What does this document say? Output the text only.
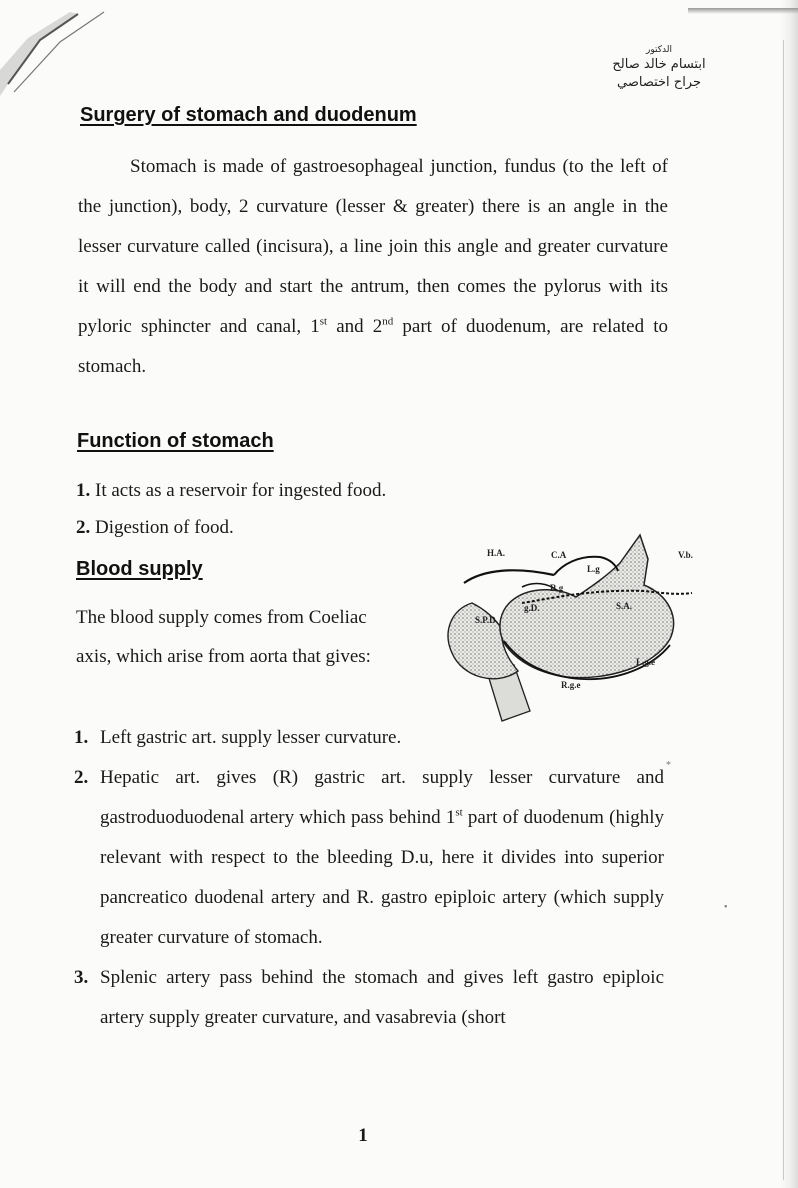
الدكتور
ابتسام خالد صالح
جراح اختصاصي
Surgery of stomach and duodenum
Stomach is made of gastroesophageal junction, fundus (to the left of the junction), body, 2 curvature (lesser & greater) there is an angle in the lesser curvature called (incisura), a line join this angle and greater curvature it will end the body and start the antrum, then comes the pylorus with its pyloric sphincter and canal, 1st and 2nd part of duodenum, are related to stomach.
Function of stomach
1. It acts as a reservoir for ingested food.
2. Digestion of food.
Blood supply
The blood supply comes from Coeliac axis, which arise from aorta that gives:
H.A.	C.A	V.b.
L.g
R.g
g.D.	S.A.
S.P.D.
L.g.e
R.g.e
1. Left gastric art. supply lesser curvature.
2. Hepatic art. gives (R) gastric art. supply lesser curvature and gastroduoduodenal artery which pass behind 1st part of duodenum (highly relevant with respect to the bleeding D.u, here it divides into superior pancreatico duodenal artery and R. gastro epiploic artery (which supply greater curvature of stomach.
3. Splenic artery pass behind the stomach and gives left gastro epiploic artery supply greater curvature, and vasabrevia (short
*
•
1
